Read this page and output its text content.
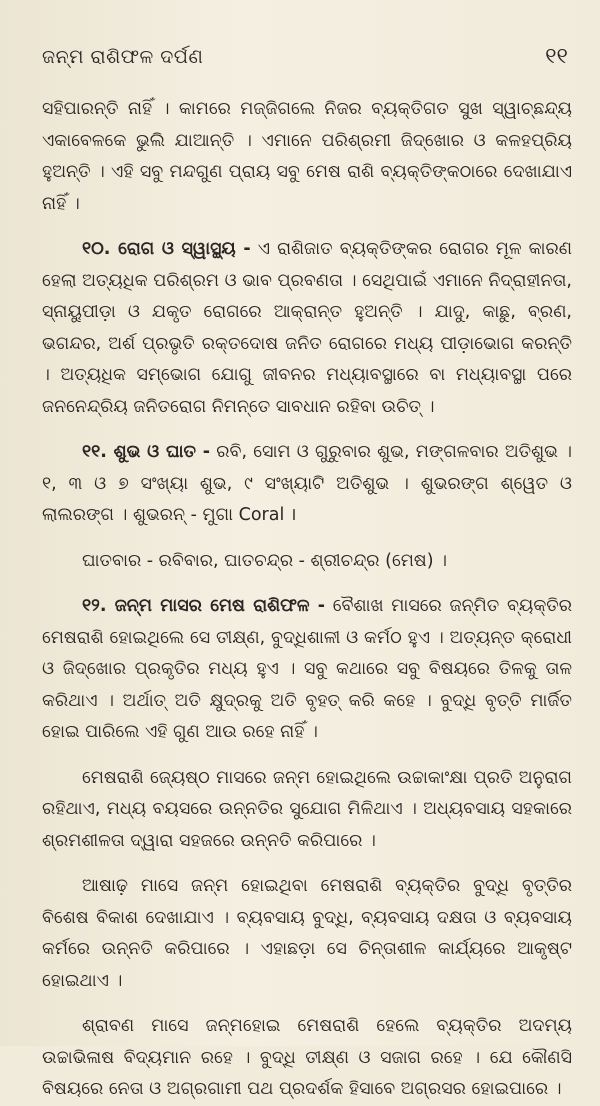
ଜନ୍ମ ରାଶିଫଳ ଦର୍ପଣ	୧୧

ସହିପାରନ୍ତି ନାହିଁ । କାମରେ ମଜ୍ଜିଗଲେ ନିଜର ବ୍ୟକ୍ତିଗତ ସୁଖ ସ୍ୱାଚ୍ଛନ୍ଦ୍ୟ ଏକାବେଳକେ ଭୁଲି ଯାଆନ୍ତି । ଏମାନେ ପରିଶ୍ରମୀ ଜିଦ୍‌ଖୋର ଓ କଳହପ୍ରିୟ ହୁଅନ୍ତି । ଏହି ସବୁ ମନ୍ଦଗୁଣ ପ୍ରାୟ ସବୁ ମେଷ ରାଶି ବ୍ୟକ୍ତିଙ୍କଠାରେ ଦେଖାଯାଏ ନାହିଁ ।

୧୦. ରୋଗ ଓ ସ୍ୱାସ୍ଥ୍ୟ - ଏ ରାଶିଜାତ ବ୍ୟକ୍ତିଙ୍କର ରୋଗର ମୂଳ କାରଣ ହେଲା ଅତ୍ୟଧିକ ପରିଶ୍ରମ ଓ ଭାବ ପ୍ରବଣତା । ସେଥିପାଇଁ ଏମାନେ ନିଦ୍ରାହୀନତା, ସ୍ନାୟୁପୀଡ଼ା ଓ ଯକୃତ ରୋଗରେ ଆକ୍ରାନ୍ତ ହୁଅନ୍ତି । ଯାଦୁ, କାଛୁ, ବ୍ରଣ, ଭଗନ୍ଦର, ଅର୍ଶ ପ୍ରଭୃତି ରକ୍ତଦୋଷ ଜନିତ ରୋଗରେ ମଧ୍ୟ ପୀଡ଼ାଭୋଗ କରନ୍ତି । ଅତ୍ୟଧିକ ସମ୍ଭୋଗ ଯୋଗୁ ଜୀବନର ମଧ୍ୟାବସ୍ଥାରେ ବା ମଧ୍ୟାବସ୍ଥା ପରେ ଜନନେନ୍ଦ୍ରିୟ ଜନିତରୋଗ ନିମନ୍ତେ ସାବଧାନ ରହିବା ଉଚିତ୍ ।

୧୧. ଶୁଭ ଓ ଘାତ - ରବି, ସୋମ ଓ ଗୁରୁବାର ଶୁଭ, ମଙ୍ଗଳବାର ଅତିଶୁଭ । ୧, ୩ ଓ ୭ ସଂଖ୍ୟା ଶୁଭ, ୯ ସଂଖ୍ୟାଟି ଅତିଶୁଭ । ଶୁଭରଙ୍ଗ ଶ୍ୱେତ ଓ ଲାଲରଙ୍ଗ । ଶୁଭରନ୍ - ମୁଗା Coral ।

ଘାତବାର - ରବିବାର, ଘାତଚନ୍ଦ୍ର - ଶ୍ରୀଚନ୍ଦ୍ର (ମେଷ) ।

୧୨. ଜନ୍ମ ମାସର ମେଷ ରାଶିଫଳ - ବୈଶାଖ ମାସରେ ଜନ୍ମିତ ବ୍ୟକ୍ତିର ମେଷରାଶି ହୋଇଥିଲେ ସେ ତୀକ୍ଷ୍ଣ, ବୁଦ୍ଧିଶାଳୀ ଓ କର୍ମଠ ହୁଏ । ଅତ୍ୟନ୍ତ କ୍ରୋଧୀ ଓ ଜିଦ୍‌ଖୋର ପ୍ରକୃତିର ମଧ୍ୟ ହୁଏ । ସବୁ କଥାରେ ସବୁ ବିଷୟରେ ତିଳକୁ ତାଳ କରିଥାଏ । ଅର୍ଥାତ୍ ଅତି କ୍ଷୁଦ୍ରକୁ ଅତି ବୃହତ୍ କରି କହେ । ବୁଦ୍ଧି ବୃତ୍ତି ମାର୍ଜିତ ହୋଇ ପାରିଲେ ଏହି ଗୁଣ ଆଉ ରହେ ନାହିଁ ।

ମେଷରାଶି ଜ୍ୟେଷ୍ଠ ମାସରେ ଜନ୍ମ ହୋଇଥିଲେ ଉଚ୍ଚାକାଂକ୍ଷା ପ୍ରତି ଅନୁରାଗ ରହିଥାଏ, ମଧ୍ୟ ବୟସରେ ଉନ୍ନତିର ସୁଯୋଗ ମିଳିଥାଏ । ଅଧ୍ୟବସାୟ ସହକାରେ ଶ୍ରମଶୀଳତା ଦ୍ୱାରା ସହଜରେ ଉନ୍ନତି କରିପାରେ ।

ଆଷାଢ଼ ମାସେ ଜନ୍ମ ହୋଇଥିବା ମେଷରାଶି ବ୍ୟକ୍ତିର ବୁଦ୍ଧି ବୃତ୍ତିର ବିଶେଷ ବିକାଶ ଦେଖାଯାଏ । ବ୍ୟବସାୟ ବୁଦ୍ଧି, ବ୍ୟବସାୟ ଦକ୍ଷତା ଓ ବ୍ୟବସାୟ କର୍ମରେ ଉନ୍ନତି କରିପାରେ । ଏହାଛଡ଼ା ସେ ଚିନ୍ତାଶୀଳ କାର୍ଯ୍ୟରେ ଆକୃଷ୍ଟ ହୋଇଥାଏ ।

ଶ୍ରାବଣ ମାସେ ଜନ୍ମହୋଇ ମେଷରାଶି ହେଲେ ବ୍ୟକ୍ତିର ଅଦମ୍ୟ ଉଚ୍ଚାଭିଳାଷ ବିଦ୍ୟମାନ ରହେ । ବୁଦ୍ଧି ତୀକ୍ଷ୍ଣ ଓ ସଜାଗ ରହେ । ଯେ କୌଣସି ବିଷୟରେ ନେତା ଓ ଅଗ୍ରଗାମୀ ପଥ ପ୍ରଦର୍ଶକ ହିସାବେ ଅଗ୍ରସର ହୋଇପାରେ ।
